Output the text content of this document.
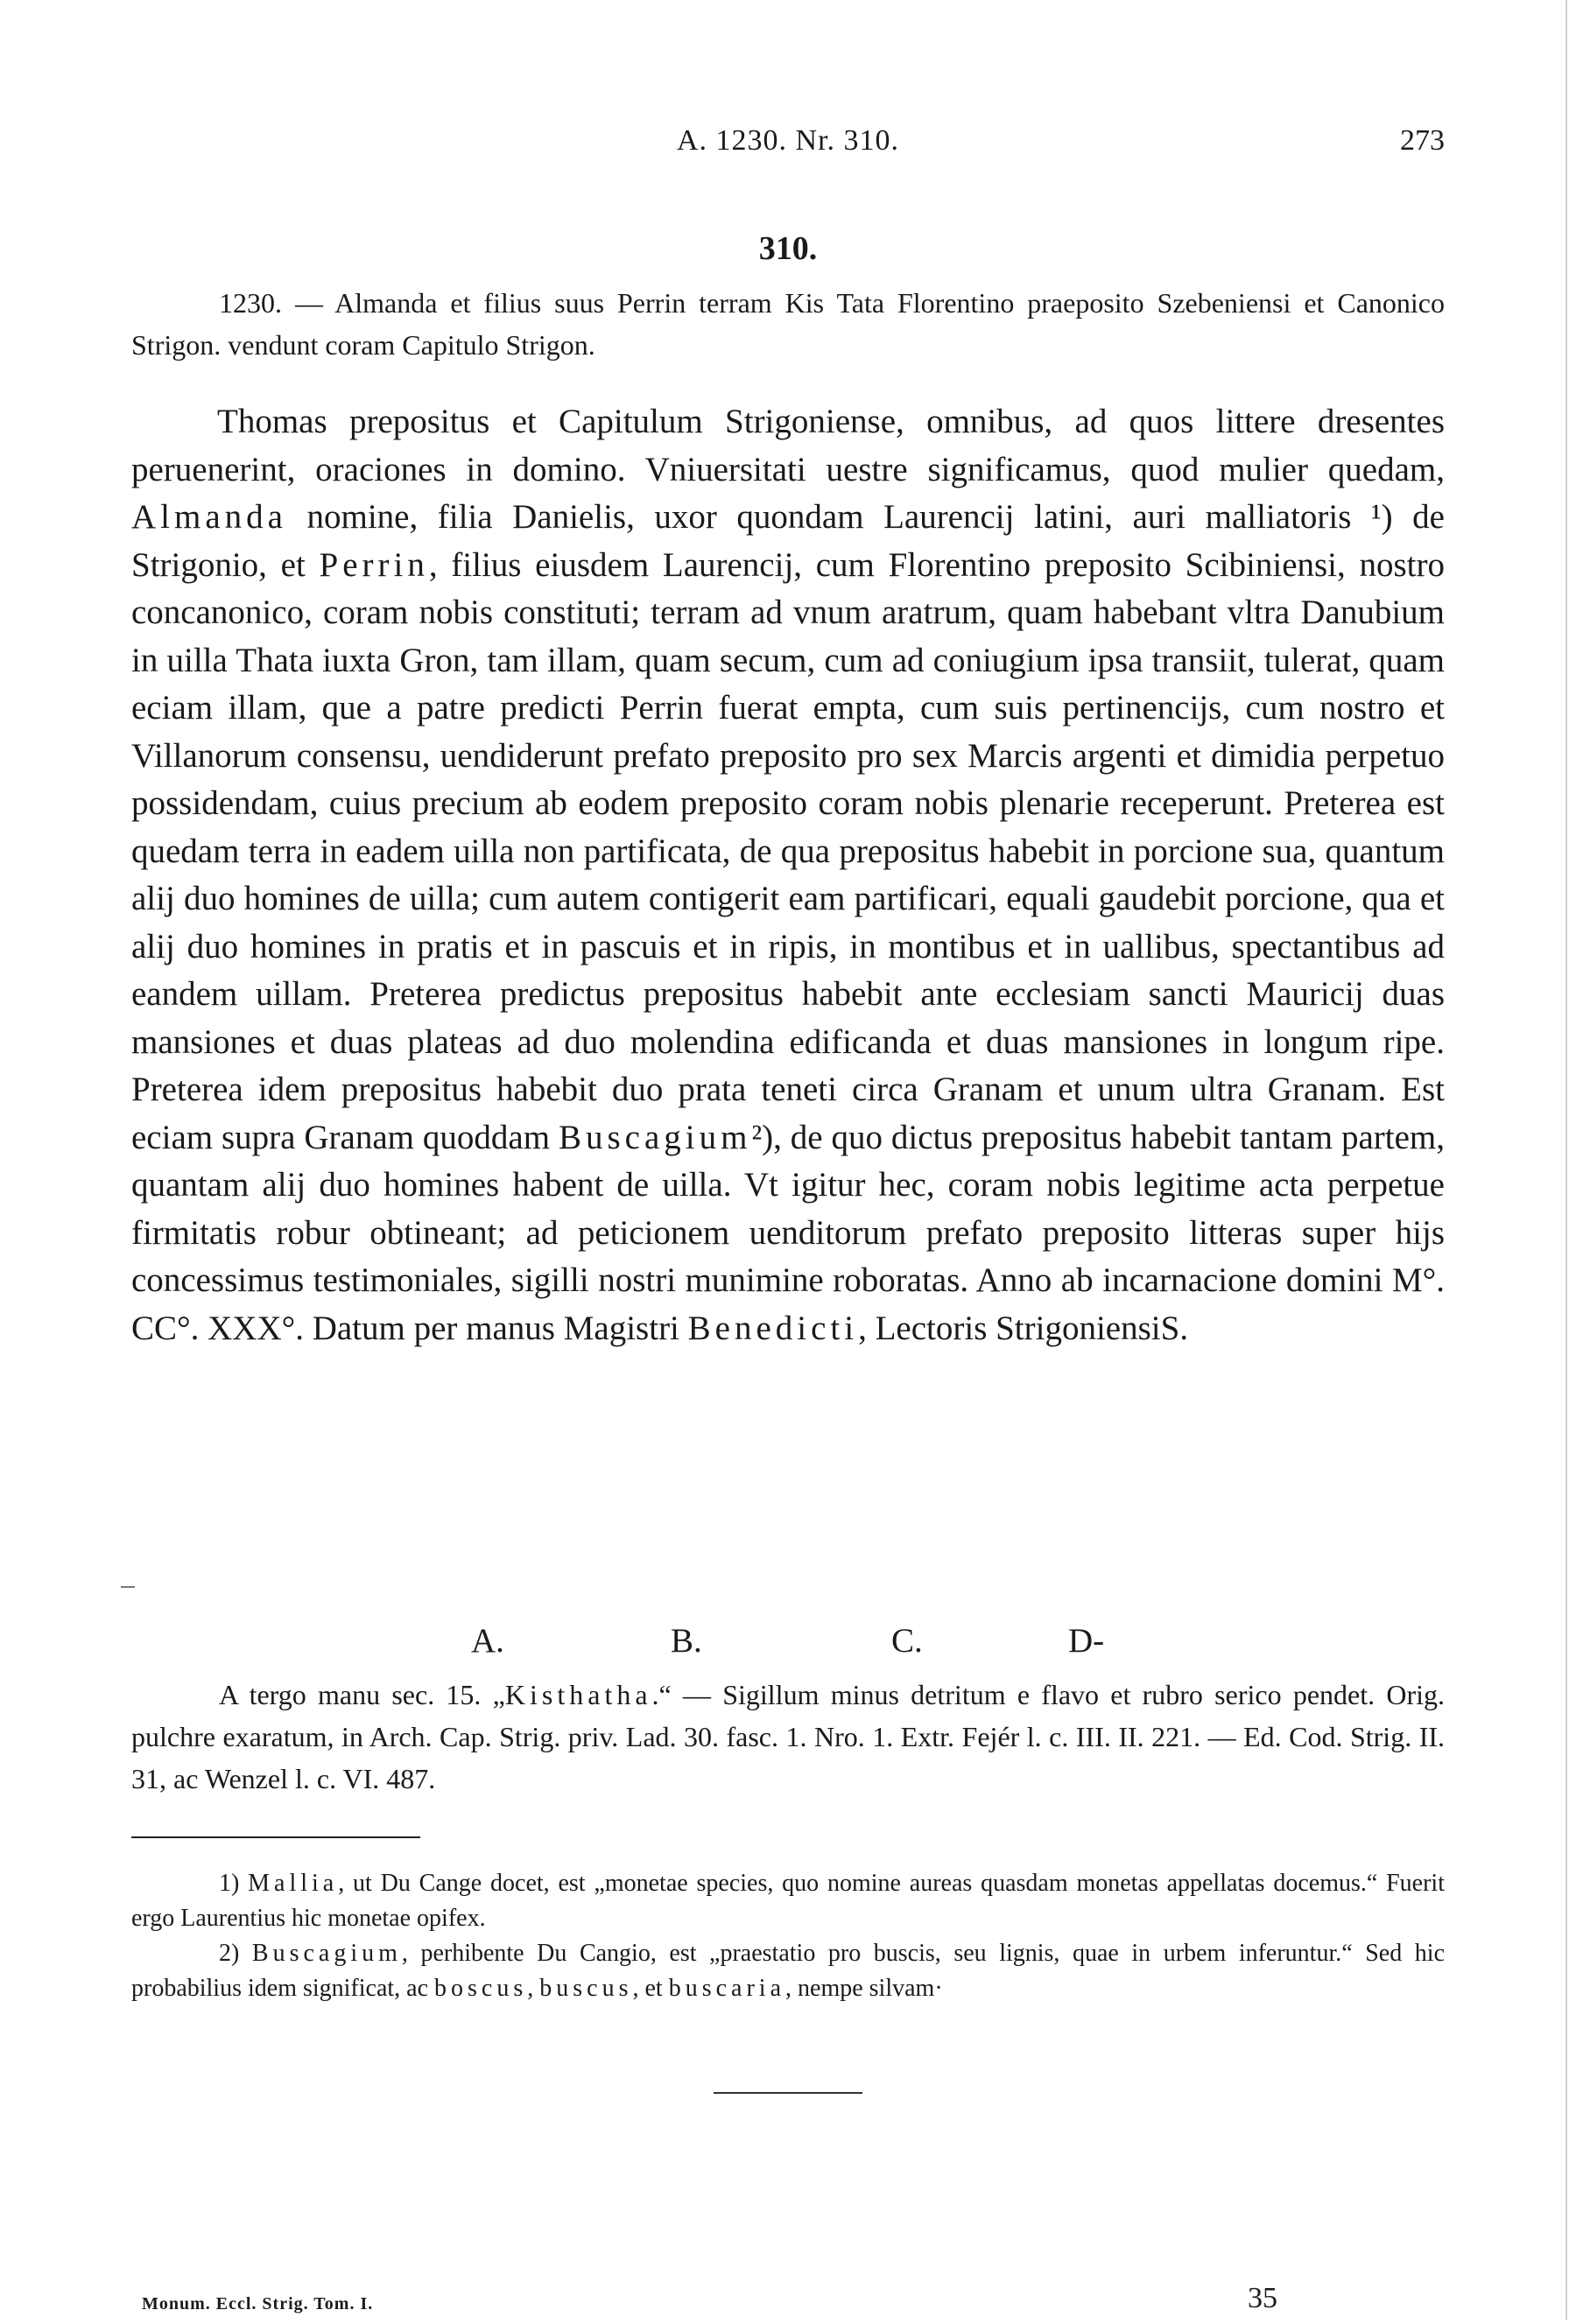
A. 1230. Nr. 310.	273
310.
1230. — Almanda et filius suus Perrin terram Kis Tata Florentino praeposito Szebeniensi et Canonico Strigon. vendunt coram Capitulo Strigon.

Thomas prepositus et Capitulum Strigoniense, omnibus, ad quos littere dresentes peruenerint, oraciones in domino. Vniuersitati uestre significamus, quod mulier quedam, Almanda nomine, filia Danielis, uxor quondam Laurencij latini, auri malliatoris ¹) de Strigonio, et Perrin, filius eiusdem Laurencij, cum Florentino preposito Scibiniensi, nostro concanonico, coram nobis constituti; terram ad vnum aratrum, quam habebant vltra Danubium in uilla Thata iuxta Gron, tam illam, quam secum, cum ad coniugium ipsa transiit, tulerat, quam eciam illam, que a patre predicti Perrin fuerat empta, cum suis pertinencijs, cum nostro et Villanorum consensu, uendiderunt prefato preposito pro sex Marcis argenti et dimidia perpetuo possidendam, cuius precium ab eodem preposito coram nobis plenarie receperunt. Preterea est quedam terra in eadem uilla non partificata, de qua prepositus habebit in porcione sua, quantum alij duo homines de uilla; cum autem contigerit eam partificari, equali gaudebit porcione, qua et alij duo homines in pratis et in pascuis et in ripis, in montibus et in uallibus, spectantibus ad eandem uillam. Preterea predictus prepositus habebit ante ecclesiam sancti Mauricij duas mansiones et duas plateas ad duo molendina edificanda et duas mansiones in longum ripe. Preterea idem prepositus habebit duo prata teneti circa Granam et unum ultra Granam. Est eciam supra Granam quoddam Buscagium²), de quo dictus prepositus habebit tantam partem, quantam alij duo homines habent de uilla. Vt igitur hec, coram nobis legitime acta perpetue firmitatis robur obtineant; ad peticionem uenditorum prefato preposito litteras super hijs concessimus testimoniales, sigilli nostri munimine roboratas. Anno ab incarnacione domini M°. CC°. XXX°. Datum per manus Magistri Benedicti, Lectoris StrigoniensiS.

A.	B.	C.	D-
A tergo manu sec. 15. „Kisthatha.“ — Sigillum minus detritum e flavo et rubro serico pendet. Orig. pulchre exaratum, in Arch. Cap. Strig. priv. Lad. 30. fasc. 1. Nro. 1. Extr. Fejér l. c. III. II. 221. — Ed. Cod. Strig. II. 31, ac Wenzel l. c. VI. 487.

1) Mallia, ut Du Cange docet, est „monetae species, quo nomine aureas quasdam monetas appellatas docemus.“ Fuerit ergo Laurentius hic monetae opifex.

2) Buscagium, perhibente Du Cangio, est „praestatio pro buscis, seu lignis, quae in urbem inferuntur.“ Sed hic probabilius idem significat, ac boscus, buscus, et buscaria, nempe silvam·

Monum. Eccl. Strig. Tom. I.	35
